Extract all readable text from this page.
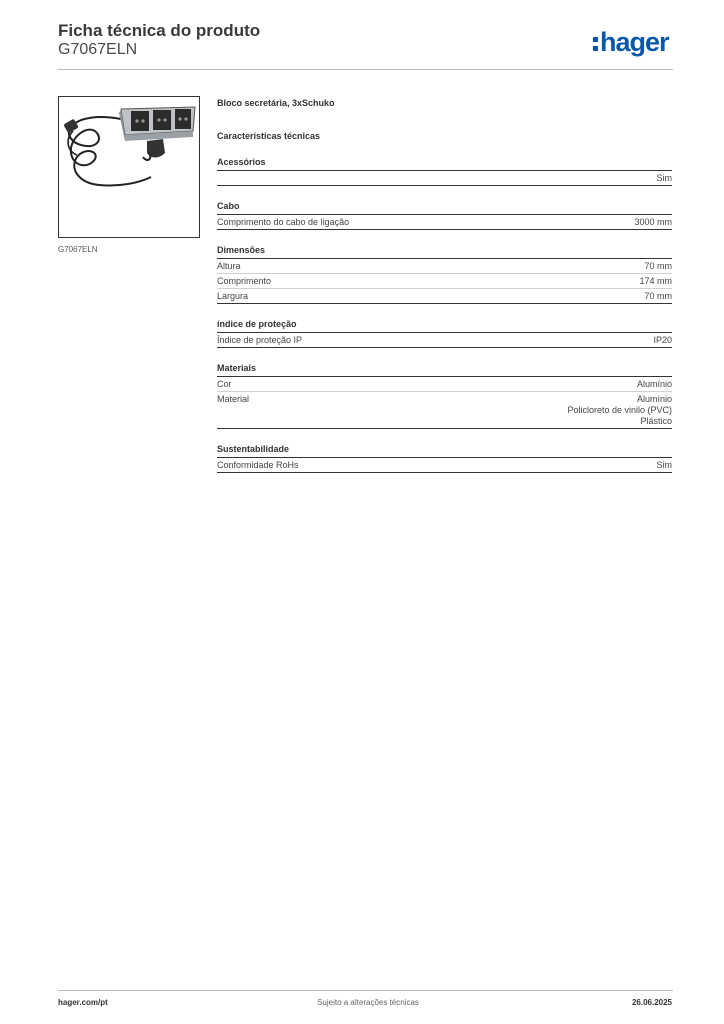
Ficha técnica do produto
G7067ELN	hager
G7067ELN
Bloco secretária, 3xSchuko
Características técnicas
Acessórios
Sim
Cabo
Comprimento do cabo de ligação	3000 mm
Dimensões
Altura	70 mm
Comprimento	174 mm
Largura	70 mm
índice de proteção
Índice de proteção IP	IP20
Materiais
Cor	Alumínio
Material	Alumínio
Policloreto de vinilo (PVC)
Plástico
Sustentabilidade
Conformidade RoHs	Sim
hager.com/pt	Sujeito a alterações técnicas	26.06.2025
